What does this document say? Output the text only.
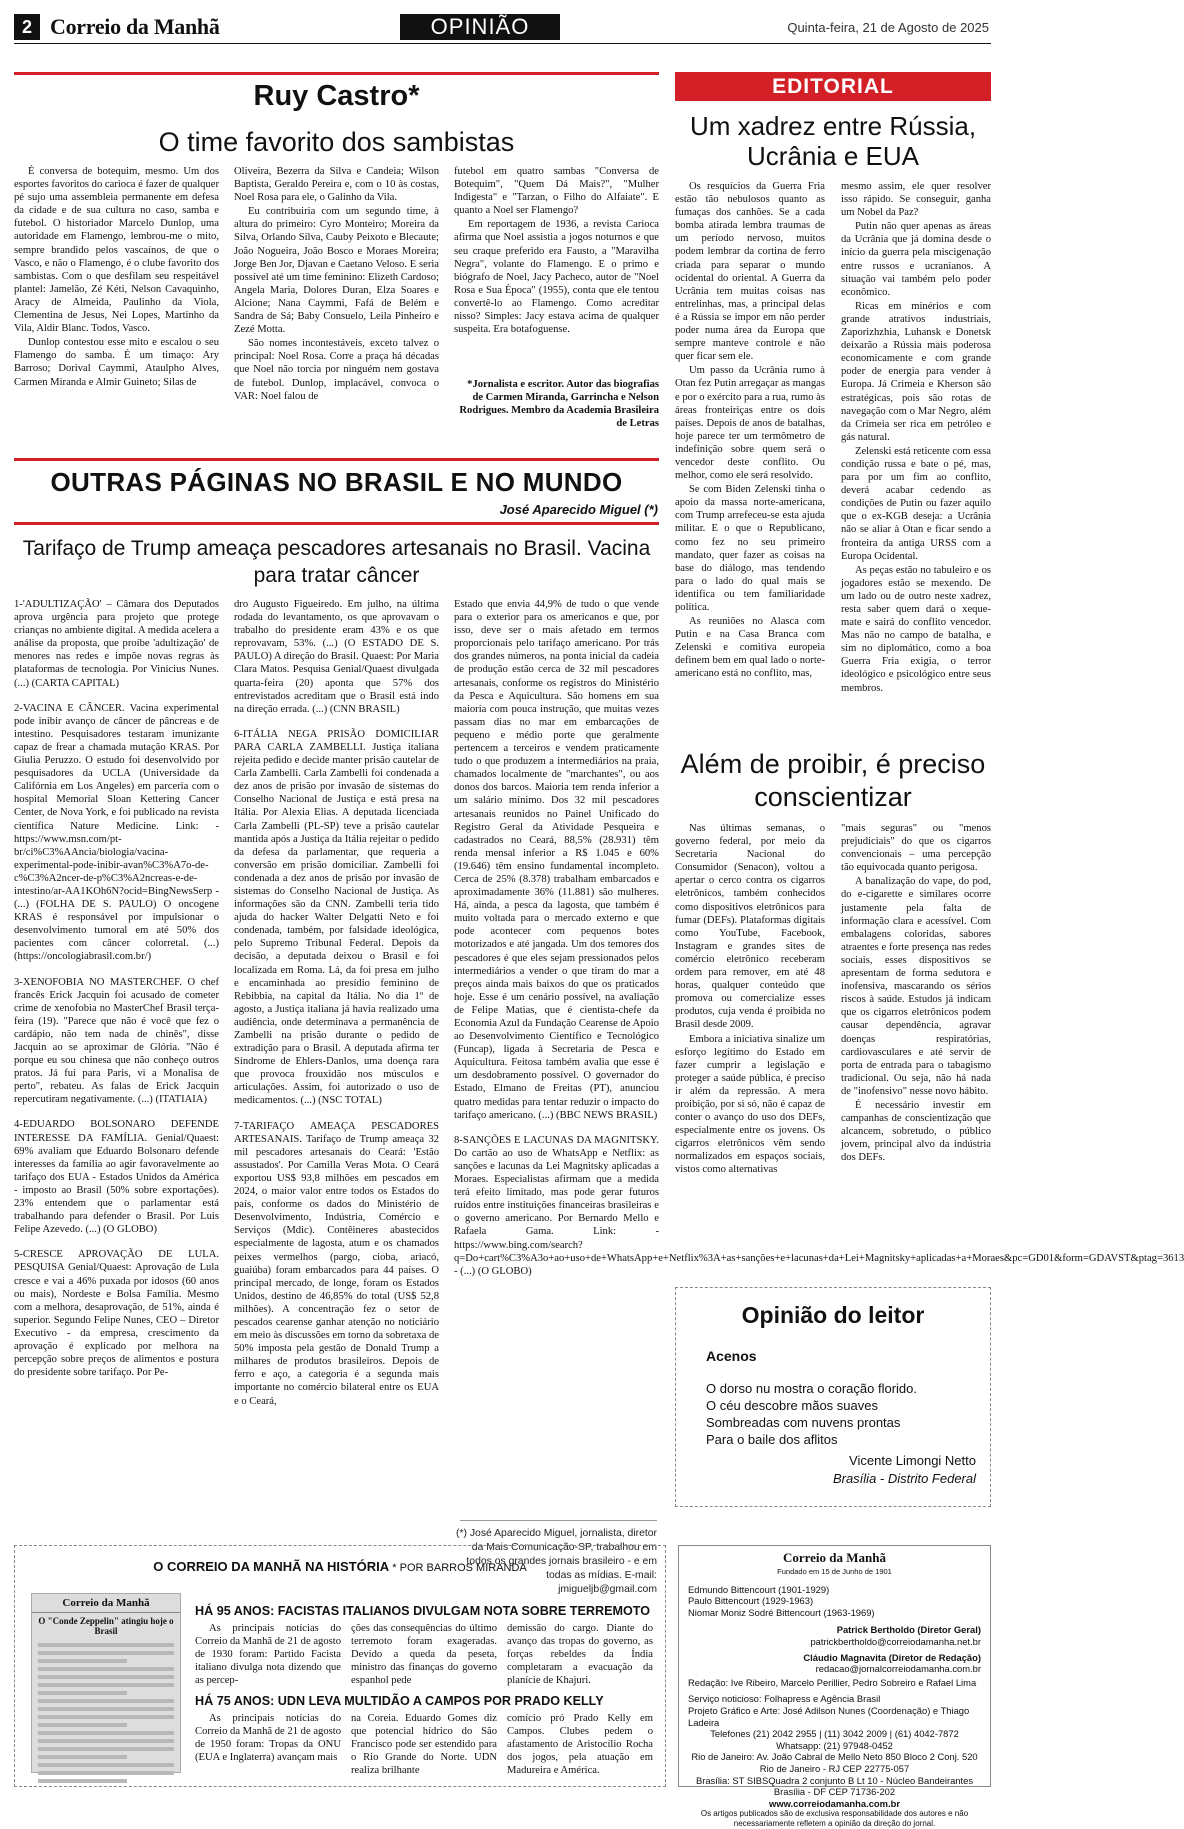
2 Correio da Manhã	OPINIÃO	Quinta-feira, 21 de Agosto de 2025
Ruy Castro*
O time favorito dos sambistas

É conversa de botequim, mesmo. Um dos esportes favoritos do carioca é fazer de qualquer pé sujo uma assembleia permanente em defesa da cidade e de sua cultura no caso, samba e futebol. O historiador Marcelo Dunlop, uma autoridade em Flamengo, lembrou-me o mito, sempre brandido pelos vascaínos, de que o Vasco, e não o Flamengo, é o clube favorito dos sambistas. Com o que desfilam seu respeitável plantel: Jamelão, Zé Kéti, Nelson Cavaquinho, Aracy de Almeida, Paulinho da Viola, Clementina de Jesus, Nei Lopes, Martinho da Vila, Aldir Blanc. Todos, Vasco.

Dunlop contestou esse mito e escalou o seu Flamengo do samba. É um timaço: Ary Barroso; Dorival Caymmi, Ataulpho Alves, Carmen Miranda e Almir Guineto; Silas de

Oliveira, Bezerra da Silva e Candeia; Wilson Baptista, Geraldo Pereira e, com o 10 às costas, Noel Rosa para ele, o Galinho da Vila.

Eu contribuiria com um segundo time, à altura do primeiro: Cyro Monteiro; Moreira da Silva, Orlando Silva, Cauby Peixoto e Blecaute; João Nogueira, João Bosco e Moraes Moreira; Jorge Ben Jor, Djavan e Caetano Veloso. E seria possível até um time feminino: Elizeth Cardoso; Angela Maria, Dolores Duran, Elza Soares e Alcione; Nana Caymmi, Fafá de Belém e Sandra de Sá; Baby Consuelo, Leila Pinheiro e Zezé Motta.

São nomes incontestáveis, exceto talvez o principal: Noel Rosa. Corre a praça há décadas que Noel não torcia por ninguém nem gostava de futebol. Dunlop, implacável, convoca o VAR: Noel falou de

futebol em quatro sambas "Conversa de Botequim", "Quem Dá Mais?", "Mulher Indigesta" e "Tarzan, o Filho do Alfaiate". E quanto a Noel ser Flamengo?

Em reportagem de 1936, a revista Carioca afirma que Noel assistia a jogos noturnos e que seu craque preferido era Fausto, a "Maravilha Negra", volante do Flamengo. E o primo e biógrafo de Noel, Jacy Pacheco, autor de "Noel Rosa e Sua Época" (1955), conta que ele tentou convertê-lo ao Flamengo. Como acreditar nisso? Simples: Jacy estava acima de qualquer suspeita. Era botafoguense.

*Jornalista e escritor. Autor das biografias de Carmen Miranda, Garrincha e Nelson Rodrigues. Membro da Academia Brasileira de Letras

EDITORIAL
Um xadrez entre Rússia, Ucrânia e EUA

Os resquícios da Guerra Fria estão tão nebulosos quanto as fumaças dos canhões. Se a cada bomba atirada lembra traumas de um período nervoso, muitos podem lembrar da cortina de ferro criada para separar o mundo ocidental do oriental. A Guerra da Ucrânia tem muitas coisas nas entrelinhas, mas, a principal delas é a Rússia se impor em não perder poder numa área da Europa que sempre manteve controle e não quer ficar sem ele.

Um passo da Ucrânia rumo à Otan fez Putin arregaçar as mangas e por o exército para a rua, rumo às áreas fronteiriças entre os dois países. Depois de anos de batalhas, hoje parece ter um termômetro de indefinição sobre quem será o vencedor deste conflito. Ou melhor, como ele será resolvido.

Se com Biden Zelenski tinha o apoio da massa norte-americana, com Trump arrefeceu-se esta ajuda militar. E o que o Republicano, como fez no seu primeiro mandato, quer fazer as coisas na base do diálogo, mas tendendo para o lado do qual mais se identifica ou tem familiaridade política.

As reuniões no Alasca com Putin e na Casa Branca com Zelenski e comitiva europeia definem bem em qual lado o norte-americano está no conflito, mas,

mesmo assim, ele quer resolver isso rápido. Se conseguir, ganha um Nobel da Paz?

Putin não quer apenas as áreas da Ucrânia que já domina desde o início da guerra pela miscigenação entre russos e ucranianos. A situação vai também pelo poder econômico.

Ricas em minérios e com grande atrativos industriais, Zaporizhzhia, Luhansk e Donetsk deixarão a Rússia mais poderosa economicamente e com grande poder de energia para vender à Europa. Já Crimeia e Kherson são estratégicas, pois são rotas de navegação com o Mar Negro, além da Crimeia ser rica em petróleo e gás natural.

Zelenski está reticente com essa condição russa e bate o pé, mas, para por um fim ao conflito, deverá acabar cedendo as condições de Putin ou fazer aquilo que o ex-KGB deseja: a Ucrânia não se aliar à Otan e ficar sendo a fronteira da antiga URSS com a Europa Ocidental.

As peças estão no tabuleiro e os jogadores estão se mexendo. De um lado ou de outro neste xadrez, resta saber quem dará o xeque-mate e sairá do conflito vencedor. Mas não no campo de batalha, e sim no diplomático, como a boa Guerra Fria exigia, o terror ideológico e psicológico entre seus membros.

OUTRAS PÁGINAS NO BRASIL E NO MUNDO
José Aparecido Miguel (*)
Tarifaço de Trump ameaça pescadores artesanais no Brasil. Vacina para tratar câncer

1-'ADULTIZAÇÃO' – Câmara dos Deputados aprova urgência para projeto que protege crianças no ambiente digital. A medida acelera a análise da proposta, que proíbe 'adultização' de menores nas redes e impõe novas regras às plataformas de tecnologia. Por Vinícius Nunes. (...) (CARTA CAPITAL)

2-VACINA E CÂNCER. Vacina experimental pode inibir avanço de câncer de pâncreas e de intestino. Pesquisadores testaram imunizante capaz de frear a chamada mutação KRAS. Por Giulia Peruzzo. O estudo foi desenvolvido por pesquisadores da UCLA (Universidade da Califórnia em Los Angeles) em parceria com o hospital Memorial Sloan Kettering Cancer Center, de Nova York, e foi publicado na revista científica Nature Medicine. Link: - https://www.msn.com/pt-br/ci%C3%AAncia/biologia/vacina-experimental-pode-inibir-avan%C3%A7o-de-c%C3%A2ncer-de-p%C3%A2ncreas-e-de-intestino/ar-AA1KOh6N?ocid=BingNewsSerp - (...) (FOLHA DE S. PAULO) O oncogene KRAS é responsável por impulsionar o desenvolvimento tumoral em até 50% dos pacientes com câncer colorretal. (...) (https://oncologiabrasil.com.br/)

3-XENOFOBIA NO MASTERCHEF. O chef francês Erick Jacquin foi acusado de cometer crime de xenofobia no MasterChef Brasil terça-feira (19). "Parece que não é você que fez o cardápio, não tem nada de chinês", disse Jacquin ao se aproximar de Glória. "Não é porque eu sou chinesa que não conheço outros pratos. Já fui para Paris, vi a Monalisa de perto", rebateu. As falas de Erick Jacquin repercutiram negativamente. (...) (ITATIAIA)

4-EDUARDO BOLSONARO DEFENDE INTERESSE DA FAMÍLIA. Genial/Quaest: 69% avaliam que Eduardo Bolsonaro defende interesses da família ao agir favoravelmente ao tarifaço dos EUA - Estados Unidos da América - imposto ao Brasil (50% sobre exportações). 23% entendem que o parlamentar está trabalhando para defender o Brasil. Por Luis Felipe Azevedo. (...) (O GLOBO)

5-CRESCE APROVAÇÃO DE LULA. PESQUISA Genial/Quaest: Aprovação de Lula cresce e vai a 46% puxada por idosos (60 anos ou mais), Nordeste e Bolsa Família. Mesmo com a melhora, desaprovação, de 51%, ainda é superior. Segundo Felipe Nunes, CEO – Diretor Executivo - da empresa, crescimento da aprovação é explicado por melhora na percepção sobre preços de alimentos e postura do presidente sobre tarifaço. Por Pe-

dro Augusto Figueiredo. Em julho, na última rodada do levantamento, os que aprovavam o trabalho do presidente eram 43% e os que reprovavam, 53%. (...) (O ESTADO DE S. PAULO) A direção do Brasil. Quaest: Por Maria Clara Matos. Pesquisa Genial/Quaest divulgada quarta-feira (20) aponta que 57% dos entrevistados acreditam que o Brasil está indo na direção errada. (...) (CNN BRASIL)

6-ITÁLIA NEGA PRISÃO DOMICILIAR PARA CARLA ZAMBELLI. Justiça italiana rejeita pedido e decide manter prisão cautelar de Carla Zambelli. Carla Zambelli foi condenada a dez anos de prisão por invasão de sistemas do Conselho Nacional de Justiça e está presa na Itália. Por Alexia Elias. A deputada licenciada Carla Zambelli (PL-SP) teve a prisão cautelar mantida após a Justiça da Itália rejeitar o pedido da defesa da parlamentar, que requeria a conversão em prisão domiciliar. Zambelli foi condenada a dez anos de prisão por invasão de sistemas do Conselho Nacional de Justiça. As informações são da CNN. Zambelli teria tido ajuda do hacker Walter Delgatti Neto e foi condenada, também, por falsidade ideológica, pelo Supremo Tribunal Federal. Depois da decisão, a deputada deixou o Brasil e foi localizada em Roma. Lá, da foi presa em julho e encaminhada ao presídio feminino de Rebibbia, na capital da Itália. No dia 1º de agosto, a Justiça italiana já havia realizado uma audiência, onde determinava a permanência de Zambelli na prisão durante o pedido de extradição para o Brasil. A deputada afirma ter Síndrome de Ehlers-Danlos, uma doença rara que provoca frouxidão nos músculos e articulações. Assim, foi autorizado o uso de medicamentos. (...) (NSC TOTAL)

7-TARIFAÇO AMEAÇA PESCADORES ARTESANAIS. Tarifaço de Trump ameaça 32 mil pescadores artesanais do Ceará: 'Estão assustados'. Por Camilla Veras Mota. O Ceará exportou US$ 93,8 milhões em pescados em 2024, o maior valor entre todos os Estados do país, conforme os dados do Ministério de Desenvolvimento, Indústria, Comércio e Serviços (Mdic). Contêineres abastecidos especialmente de lagosta, atum e os chamados peixes vermelhos (pargo, cioba, ariacó, guaiúba) foram embarcados para 44 países. O principal mercado, de longe, foram os Estados Unidos, destino de 46,85% do total (US$ 52,8 milhões). A concentração fez o setor de pescados cearense ganhar atenção no noticiário em meio às discussões em torno da sobretaxa de 50% imposta pela gestão de Donald Trump a milhares de produtos brasileiros. Depois de ferro e aço, a categoria é a segunda mais importante no comércio bilateral entre os EUA e o Ceará,

Estado que envia 44,9% de tudo o que vende para o exterior para os americanos e que, por isso, deve ser o mais afetado em termos proporcionais pelo tarifaço americano. Por trás dos grandes números, na ponta inicial da cadeia de produção estão cerca de 32 mil pescadores artesanais, conforme os registros do Ministério da Pesca e Aquicultura. São homens em sua maioria com pouca instrução, que muitas vezes passam dias no mar em embarcações de pequeno e médio porte que geralmente pertencem a terceiros e vendem praticamente tudo o que produzem a intermediários na praia, chamados localmente de "marchantes", ou aos donos dos barcos. Maioria tem renda inferior a um salário mínimo. Dos 32 mil pescadores artesanais reunidos no Painel Unificado do Registro Geral da Atividade Pesqueira e cadastrados no Ceará, 88,5% (28.931) têm renda mensal inferior a R$ 1.045 e 60% (19.646) têm ensino fundamental incompleto. Cerca de 25% (8.378) trabalham embarcados e aproximadamente 36% (11.881) são mulheres. Há, ainda, a pesca da lagosta, que também é muito voltada para o mercado externo e que pode acontecer com pequenos botes motorizados e até jangada. Um dos temores dos pescadores é que eles sejam pressionados pelos intermediários a vender o que tiram do mar a preços ainda mais baixos do que os praticados hoje. Esse é um cenário possível, na avaliação de Felipe Matias, que é cientista-chefe da Economia Azul da Fundação Cearense de Apoio ao Desenvolvimento Científico e Tecnológico (Funcap), ligada à Secretaria de Pesca e Aquicultura. Feitosa também avalia que esse é um desdobramento possível. O governador do Estado, Elmano de Freitas (PT), anunciou quatro medidas para tentar reduzir o impacto do tarifaço americano. (...) (BBC NEWS BRASIL)

8-SANÇÕES E LACUNAS DA MAGNITSKY. Do cartão ao uso de WhatsApp e Netflix: as sanções e lacunas da Lei Magnitsky aplicadas a Moraes. Especialistas afirmam que a medida terá efeito limitado, mas pode gerar futuros ruídos entre instituições financeiras brasileiras e o governo americano. Por Bernardo Mello e Rafaela Gama. Link: - https://www.bing.com/search?q=Do+cart%C3%A3o+ao+uso+de+WhatsApp+e+Netflix%3A+as+sanções+e+lacunas+da+Lei+Magnitsky+aplicadas+a+Moraes&pc=GD01&form=GDAVST&ptag=3613 - (...) (O GLOBO)

(*) José Aparecido Miguel, jornalista, diretor da Mais Comunicação-SP, trabalhou em todos os grandes jornais brasileiro - e em todas as mídias. E-mail: jmigueljb@gmail.com
Além de proibir, é preciso conscientizar

Nas últimas semanas, o governo federal, por meio da Secretaria Nacional do Consumidor (Senacon), voltou a apertar o cerco contra os cigarros eletrônicos, também conhecidos como dispositivos eletrônicos para fumar (DEFs). Plataformas digitais como YouTube, Facebook, Instagram e grandes sites de comércio eletrônico receberam ordem para remover, em até 48 horas, qualquer conteúdo que promova ou comercialize esses produtos, cuja venda é proibida no Brasil desde 2009.

Embora a iniciativa sinalize um esforço legítimo do Estado em fazer cumprir a legislação e proteger a saúde pública, é preciso ir além da repressão. A mera proibição, por si só, não é capaz de conter o avanço do uso dos DEFs, especialmente entre os jovens. Os cigarros eletrônicos vêm sendo normalizados em espaços sociais, vistos como alternativas

"mais seguras" ou "menos prejudiciais" do que os cigarros convencionais – uma percepção tão equivocada quanto perigosa.

A banalização do vape, do pod, do e-cigarette e similares ocorre justamente pela falta de informação clara e acessível. Com embalagens coloridas, sabores atraentes e forte presença nas redes sociais, esses dispositivos se apresentam de forma sedutora e inofensiva, mascarando os sérios riscos à saúde. Estudos já indicam que os cigarros eletrônicos podem causar dependência, agravar doenças respiratórias, cardiovasculares e até servir de porta de entrada para o tabagismo tradicional. Ou seja, não há nada de "inofensivo" nesse novo hábito.

É necessário investir em campanhas de conscientização que alcancem, sobretudo, o público jovem, principal alvo da indústria dos DEFs.

Opinião do leitor
Acenos
O dorso nu mostra o coração florido.
O céu descobre mãos suaves
Sombreadas com nuvens prontas
Para o baile dos aflitos
Vicente Limongi Netto
Brasília - Distrito Federal
O CORREIO DA MANHÃ NA HISTÓRIA * POR BARROS MIRANDA
Correio da Manhã
O "Conde Zeppelin" atingiu hoje o Brasil
HÁ 95 ANOS: FACISTAS ITALIANOS DIVULGAM NOTA SOBRE TERREMOTO

As principais notícias do Correio da Manhã de 21 de agosto de 1930 foram: Partido Facista italiano divulga nota dizendo que as percep-

ções das consequências do último terremoto foram exageradas. Devido a queda da peseta, ministro das finanças do governo espanhol pede

demissão do cargo. Diante do avanço das tropas do governo, as forças rebeldes da Índia completaram a evacuação da planície de Khajuri.

HÁ 75 ANOS: UDN LEVA MULTIDÃO A CAMPOS POR PRADO KELLY

As principais notícias do Correio da Manhã de 21 de agosto de 1950 foram: Tropas da ONU (EUA e Inglaterra) avançam mais

na Coreia. Eduardo Gomes diz que potencial hídrico do São Francisco pode ser estendido para o Rio Grande do Norte. UDN realiza brilhante

comício pró Prado Kelly em Campos. Clubes pedem o afastamento de Aristocílio Rocha dos jogos, pela atuação em Madureira e América.

Correio da Manhã
Fundado em 15 de Junho de 1901
Edmundo Bittencourt (1901-1929)
Paulo Bittencourt (1929-1963)
Niomar Moniz Sodré Bittencourt (1963-1969)
Patrick Bertholdo (Diretor Geral)
patrickbertholdo@correiodamanha.net.br
Cláudio Magnavita (Diretor de Redação)
redacao@jornalcorreiodamanha.com.br
Redação: Ive Ribeiro, Marcelo Perillier, Pedro Sobreiro e Rafael Lima
Serviço noticioso: Folhapress e Agência Brasil
Projeto Gráfico e Arte: José Adilson Nunes (Coordenação) e Thiago Ladeira
Telefones (21) 2042 2955 | (11) 3042 2009 | (61) 4042-7872
Whatsapp: (21) 97948-0452
Rio de Janeiro: Av. João Cabral de Mello Neto 850 Bloco 2 Conj. 520
Rio de Janeiro - RJ CEP 22775-057
Brasília: ST SIBSQuadra 2 conjunto B Lt 10 - Núcleo Bandeirantes
Brasília - DF CEP 71736-202
www.correiodamanha.com.br
Os artigos publicados são de exclusiva responsabilidade dos autores e não necessariamente refletem a opinião da direção do jornal.
